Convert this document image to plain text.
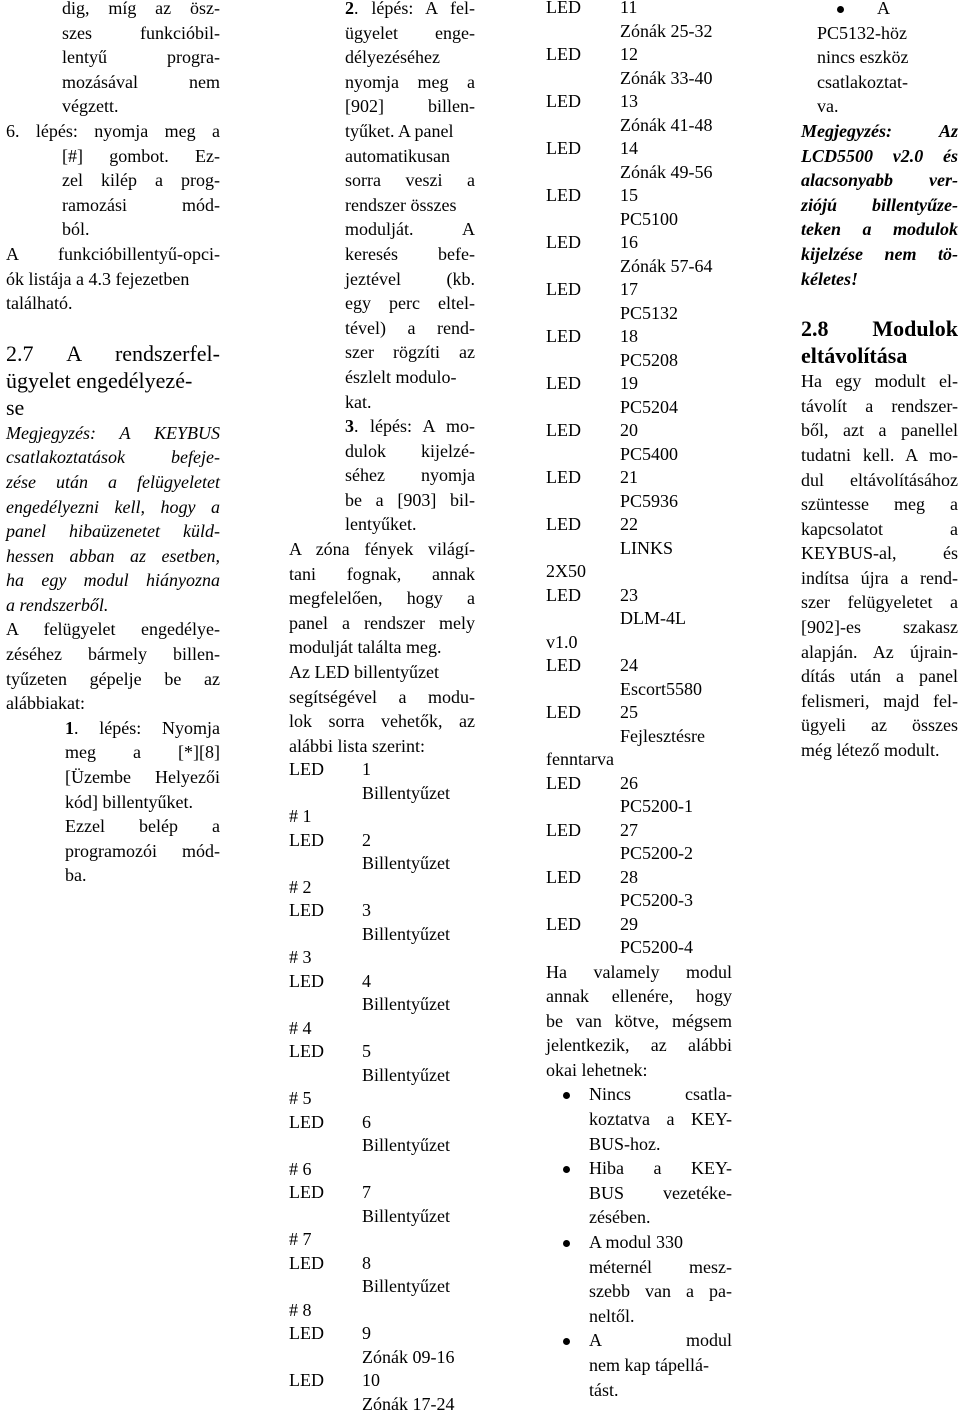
dig, míg az ösz-

szes funkcióbil-

lentyű progra-

mozásával nem

végzett.

6. lépés: nyomja meg a

[#] gombot. Ez-

zel kilép a prog-

ramozási mód-

ból.

A funkcióbillentyű-opci-

ók listája a 4.3 fejezetben

található.

2.7 A rendszerfel-
ügyelet engedélyezé-
se

Megjegyzés: A KEYBUS

csatlakoztatások befeje-

zése után a felügyeletet

engedélyezni kell, hogy a

panel hibaüzenetet küld-

hessen abban az esetben,

ha egy modul hiányozna

a rendszerből.

A felügyelet engedélye-

zéséhez bármely billen-

tyűzeten gépelje be az

alábbiakat:

1. lépés: Nyomja

meg a [*][8]

[Üzembe Helyezői

kód] billentyűket.

Ezzel belép a

programozói mód-

ba.

2. lépés: A fel-

ügyelet enge-

délyezéséhez

nyomja meg a

[902] billen-

tyűket. A panel

automatikusan

sorra veszi a

rendszer összes

modulját. A

keresés befe-

jeztével (kb.

egy perc eltel-

tével) a rend-

szer rögzíti az

észlelt modulo-

kat.

3. lépés: A mo-

dulok kijelzé-

séhez nyomja

be a [903] bil-

lentyűket.

A zóna fények világí-

tani fognak, annak

megfelelően, hogy a

panel a rendszer mely

modulját találta meg.

Az LED billentyűzet

segítségével a modu-

lok sorra vehetők, az

alábbi lista szerint:

LED	1
Billentyűzet
# 1
LED	2
Billentyűzet
# 2
LED	3
Billentyűzet
# 3
LED	4
Billentyűzet
# 4
LED	5
Billentyűzet
# 5
LED	6
Billentyűzet
# 6
LED	7
Billentyűzet
# 7
LED	8
Billentyűzet
# 8
LED	9
Zónák 09-16
LED	10
Zónák 17-24
LED	11
Zónák 25-32
LED	12
Zónák 33-40
LED	13
Zónák 41-48
LED	14
Zónák 49-56
LED	15
PC5100
LED	16
Zónák 57-64
LED	17
PC5132
LED	18
PC5208
LED	19
PC5204
LED	20
PC5400
LED	21
PC5936
LED	22
LINKS
2X50
LED	23
DLM-4L
v1.0
LED	24
Escort5580
LED	25
Fejlesztésre
fenntarva
LED	26
PC5200-1
LED	27
PC5200-2
LED	28
PC5200-3
LED	29
PC5200-4

Ha valamely modul

annak ellenére, hogy

be van kötve, mégsem

jelentkezik, az alábbi

okai lehetnek:

Nincs csatla-

koztatva a KEY-

BUS-hoz.

Hiba a KEY-

BUS vezetéke-

zésében.

A modul 330

méternél mesz-

szebb van a pa-

neltől.

A modul

nem kap tápellá-

tást.

A

PC5132-höz

nincs eszköz

csatlakoztat-

va.

Megjegyzés: Az

LCD5500 v2.0 és

alacsonyabb ver-

ziójú billentyűze-

teken a modulok

kijelzése nem tö-

kéletes!

2.8 Modulok
eltávolítása

Ha egy modult el-

távolít a rendszer-

ből, azt a panellel

tudatni kell. A mo-

dul eltávolításához

szüntesse meg a

kapcsolatot a

KEYBUS-al, és

indítsa újra a rend-

szer felügyeletet a

[902]-es szakasz

alapján. Az újrain-

dítás után a panel

felismeri, majd fel-

ügyeli az összes

még létező modult.
